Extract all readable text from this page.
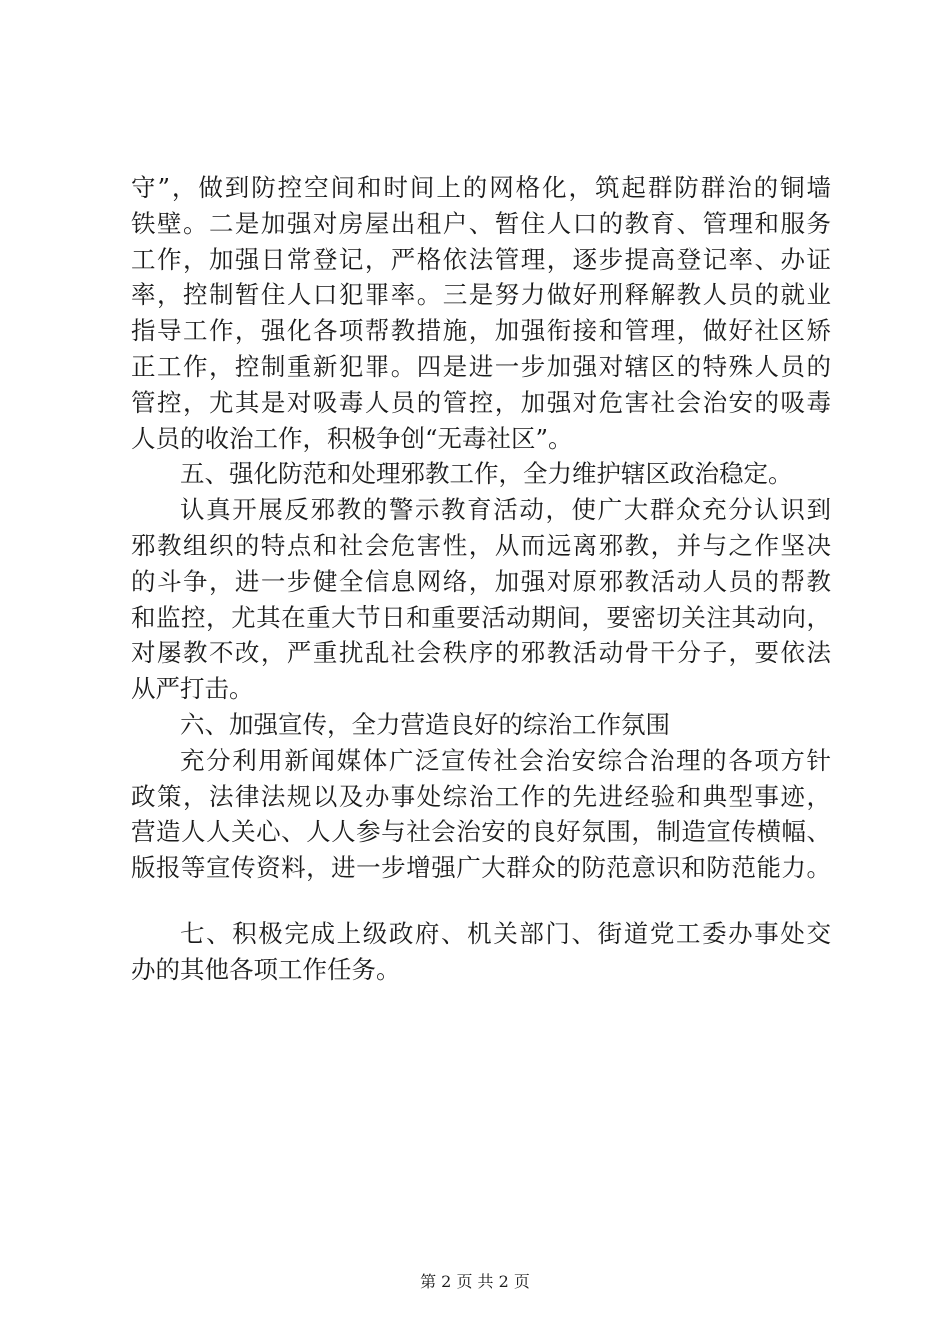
守”，做到防控空间和时间上的网格化，筑起群防群治的铜墙
铁壁。二是加强对房屋出租户、暂住人口的教育、管理和服务
工作，加强日常登记，严格依法管理，逐步提高登记率、办证
率，控制暂住人口犯罪率。三是努力做好刑释解教人员的就业
指导工作，强化各项帮教措施，加强衔接和管理，做好社区矫
正工作，控制重新犯罪。四是进一步加强对辖区的特殊人员的
管控，尤其是对吸毒人员的管控，加强对危害社会治安的吸毒
人员的收治工作，积极争创“无毒社区”。
五、强化防范和处理邪教工作，全力维护辖区政治稳定。
认真开展反邪教的警示教育活动，使广大群众充分认识到
邪教组织的特点和社会危害性，从而远离邪教，并与之作坚决
的斗争，进一步健全信息网络，加强对原邪教活动人员的帮教
和监控，尤其在重大节日和重要活动期间，要密切关注其动向，
对屡教不改，严重扰乱社会秩序的邪教活动骨干分子，要依法
从严打击。
六、加强宣传，全力营造良好的综治工作氛围
充分利用新闻媒体广泛宣传社会治安综合治理的各项方针
政策，法律法规以及办事处综治工作的先进经验和典型事迹，
营造人人关心、人人参与社会治安的良好氛围，制造宣传横幅、
版报等宣传资料，进一步增强广大群众的防范意识和防范能力。
七、积极完成上级政府、机关部门、街道党工委办事处交
办的其他各项工作任务。
第 2 页 共 2 页
